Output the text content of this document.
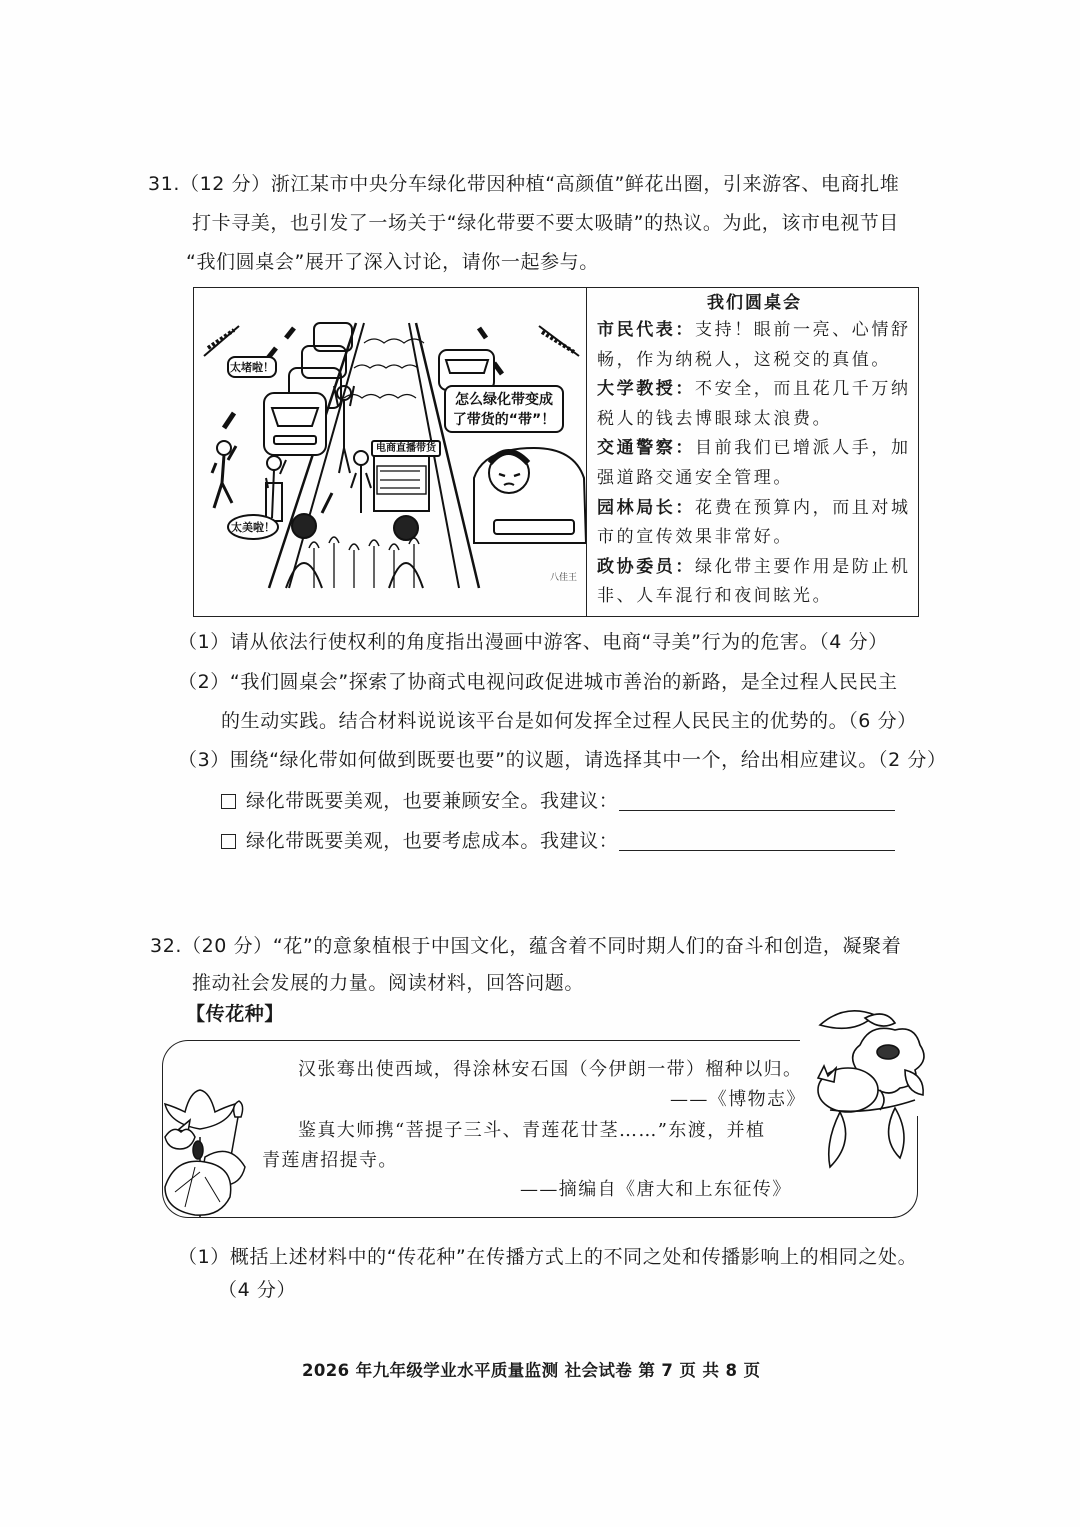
31.（12 分）浙江某市中央分车绿化带因种植“高颜值”鲜花出圈，引来游客、电商扎堆
打卡寻美，也引发了一场关于“绿化带要不要太吸睛”的热议。为此，该市电视节目
“我们圆桌会”展开了深入讨论，请你一起参与。
太堵啦！
太美啦！
怎么绿化带变成
了带货的“带”！
电商直播带货
八佳王
我们圆桌会
市民代表：支持！眼前一亮、心情舒
畅，作为纳税人，这税交的真值。
大学教授：不安全，而且花几千万纳
税人的钱去博眼球太浪费。
交通警察：目前我们已增派人手，加
强道路交通安全管理。
园林局长：花费在预算内，而且对城
市的宣传效果非常好。
政协委员：绿化带主要作用是防止机
非、人车混行和夜间眩光。
（1）请从依法行使权利的角度指出漫画中游客、电商“寻美”行为的危害。（4 分）
（2）“我们圆桌会”探索了协商式电视问政促进城市善治的新路，是全过程人民民主
的生动实践。结合材料说说该平台是如何发挥全过程人民民主的优势的。（6 分）
（3）围绕“绿化带如何做到既要也要”的议题，请选择其中一个，给出相应建议。（2 分）
绿化带既要美观，也要兼顾安全。我建议：
绿化带既要美观，也要考虑成本。我建议：
32.（20 分）“花”的意象植根于中国文化，蕴含着不同时期人们的奋斗和创造，凝聚着
推动社会发展的力量。阅读材料，回答问题。
【传花种】
汉张骞出使西域，得涂林安石国（今伊朗一带）榴种以归。
——《博物志》
鉴真大师携“菩提子三斗、青莲花廿茎……”东渡，并植
青莲唐招提寺。
——摘编自《唐大和上东征传》
（1）概括上述材料中的“传花种”在传播方式上的不同之处和传播影响上的相同之处。
（4 分）
2026 年九年级学业水平质量监测 社会试卷 第 7 页 共 8 页
